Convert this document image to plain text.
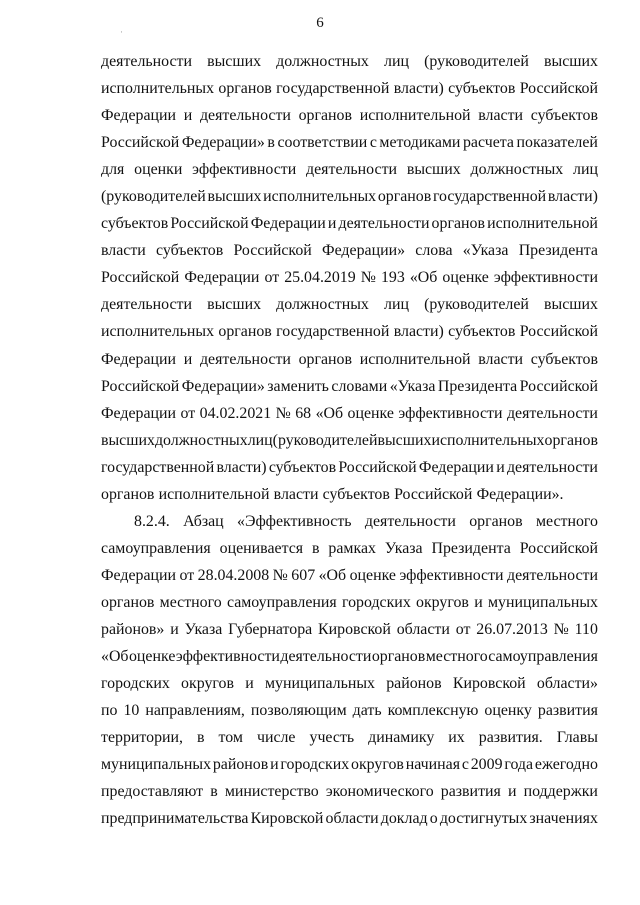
·
6
деятельности высших должностных лиц (руководителей высших
исполнительных органов государственной власти) субъектов Российской
Федерации и деятельности органов исполнительной власти субъектов
Российской Федерации» в соответствии с методиками расчета показателей
для оценки эффективности деятельности высших должностных лиц
(руководителей высших исполнительных органов государственной власти)
субъектов Российской Федерации и деятельности органов исполнительной
власти субъектов Российской Федерации» слова «Указа Президента
Российской Федерации от 25.04.2019 № 193 «Об оценке эффективности
деятельности высших должностных лиц (руководителей высших
исполнительных органов государственной власти) субъектов Российской
Федерации и деятельности органов исполнительной власти субъектов
Российской Федерации» заменить словами «Указа Президента Российской
Федерации от 04.02.2021 № 68 «Об оценке эффективности деятельности
высших должностных лиц (руководителей высших исполнительных органов
государственной власти) субъектов Российской Федерации и деятельности
органов исполнительной власти субъектов Российской Федерации».
8.2.4. Абзац «Эффективность деятельности органов местного
самоуправления оценивается в рамках Указа Президента Российской
Федерации от 28.04.2008 № 607 «Об оценке эффективности деятельности
органов местного самоуправления городских округов и муниципальных
районов» и Указа Губернатора Кировской области от 26.07.2013 № 110
«Об оценке эффективности деятельности органов местного самоуправления
городских округов и муниципальных районов Кировской области»
по 10 направлениям, позволяющим дать комплексную оценку развития
территории, в том числе учесть динамику их развития. Главы
муниципальных районов и городских округов начиная с 2009 года ежегодно
предоставляют в министерство экономического развития и поддержки
предпринимательства Кировской области доклад о достигнутых значениях
